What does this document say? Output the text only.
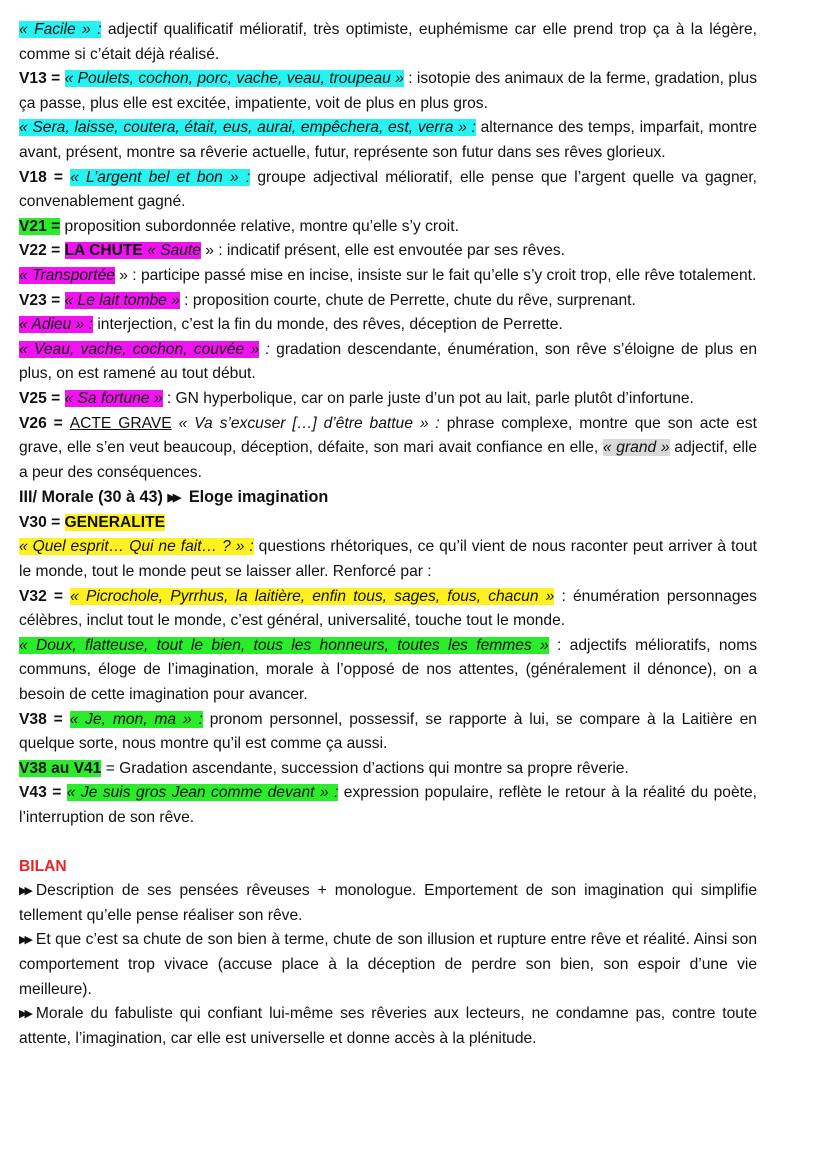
« Facile » : adjectif qualificatif mélioratif, très optimiste, euphémisme car elle prend trop ça à la légère, comme si c’était déjà réalisé.

V13 = « Poulets, cochon, porc, vache, veau, troupeau » : isotopie des animaux de la ferme, gradation, plus ça passe, plus elle est excitée, impatiente, voit de plus en plus gros.

« Sera, laisse, coutera, était, eus, aurai, empêchera, est, verra » : alternance des temps, imparfait, montre avant, présent, montre sa rêverie actuelle, futur, représente son futur dans ses rêves glorieux.

V18 = « L’argent bel et bon » : groupe adjectival mélioratif, elle pense que l’argent quelle va gagner, convenablement gagné.

V21 = proposition subordonnée relative, montre qu’elle s’y croit.

V22 = LA CHUTE « Saute » : indicatif présent, elle est envoutée par ses rêves.

« Transportée » : participe passé mise en incise, insiste sur le fait qu’elle s’y croit trop, elle rêve totalement.

V23 = « Le lait tombe » : proposition courte, chute de Perrette, chute du rêve, surprenant.

« Adieu » : interjection, c’est la fin du monde, des rêves, déception de Perrette.

« Veau, vache, cochon, couvée » : gradation descendante, énumération, son rêve s’éloigne de plus en plus, on est ramené au tout début.

V25 = « Sa fortune » : GN hyperbolique, car on parle juste d’un pot au lait, parle plutôt d’infortune.

V26 = ACTE GRAVE « Va s’excuser […] d’être battue » : phrase complexe, montre que son acte est grave, elle s’en veut beaucoup, déception, défaite, son mari avait confiance en elle, « grand » adjectif, elle a peur des conséquences.

III/ Morale (30 à 43) ▶▶ Eloge imagination

V30 = GENERALITE

« Quel esprit… Qui ne fait… ? » : questions rhétoriques, ce qu’il vient de nous raconter peut arriver à tout le monde, tout le monde peut se laisser aller. Renforcé par :

V32 = « Picrochole, Pyrrhus, la laitière, enfin tous, sages, fous, chacun » : énumération personnages célèbres, inclut tout le monde, c’est général, universalité, touche tout le monde.

« Doux, flatteuse, tout le bien, tous les honneurs, toutes les femmes » : adjectifs mélioratifs, noms communs, éloge de l’imagination, morale à l’opposé de nos attentes, (généralement il dénonce), on a besoin de cette imagination pour avancer.

V38 = « Je, mon, ma » : pronom personnel, possessif, se rapporte à lui, se compare à la Laitière en quelque sorte, nous montre qu’il est comme ça aussi.

V38 au V41 = Gradation ascendante, succession d’actions qui montre sa propre rêverie.

V43 = « Je suis gros Jean comme devant » : expression populaire, reflète le retour à la réalité du poète, l’interruption de son rêve.

BILAN

▶▶ Description de ses pensées rêveuses + monologue. Emportement de son imagination qui simplifie tellement qu’elle pense réaliser son rêve.

▶▶ Et que c’est sa chute de son bien à terme, chute de son illusion et rupture entre rêve et réalité. Ainsi son comportement trop vivace (accuse place à la déception de perdre son bien, son espoir d’une vie meilleure).

▶▶ Morale du fabuliste qui confiant lui-même ses rêveries aux lecteurs, ne condamne pas, contre toute attente, l’imagination, car elle est universelle et donne accès à la plénitude.
